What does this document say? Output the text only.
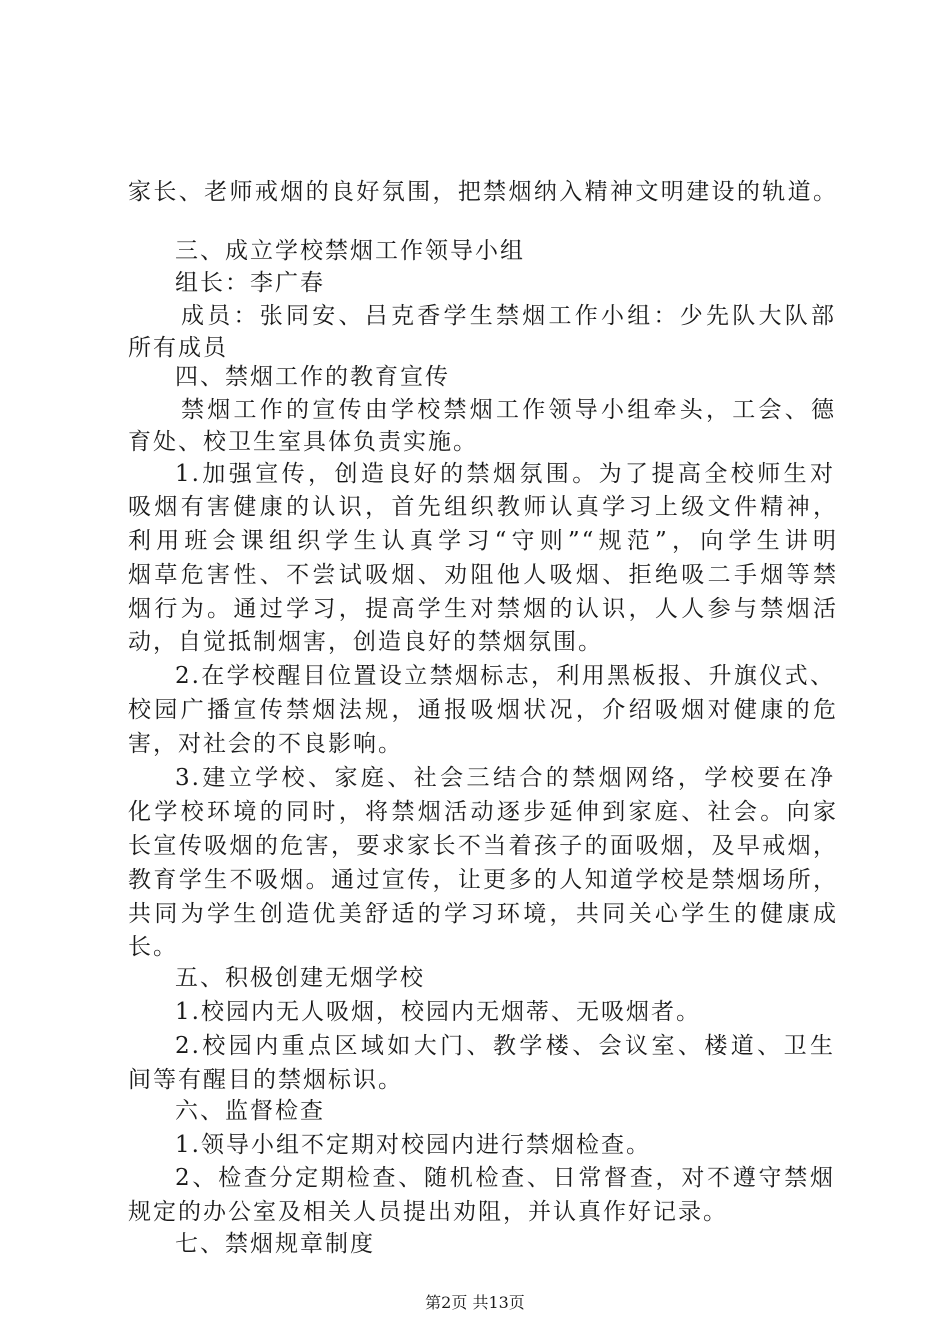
家长、老师戒烟的良好氛围，把禁烟纳入精神文明建设的轨道。
三、成立学校禁烟工作领导小组
组长：李广春
成员：张同安、吕克香学生禁烟工作小组：少先队大队部
所有成员
四、禁烟工作的教育宣传
禁烟工作的宣传由学校禁烟工作领导小组牵头，工会、德
育处、校卫生室具体负责实施。
1.加强宣传，创造良好的禁烟氛围。为了提高全校师生对
吸烟有害健康的认识，首先组织教师认真学习上级文件精神，
利用班会课组织学生认真学习“守则”“规范”，向学生讲明
烟草危害性、不尝试吸烟、劝阻他人吸烟、拒绝吸二手烟等禁
烟行为。通过学习，提高学生对禁烟的认识，人人参与禁烟活
动，自觉抵制烟害，创造良好的禁烟氛围。
2.在学校醒目位置设立禁烟标志，利用黑板报、升旗仪式、
校园广播宣传禁烟法规，通报吸烟状况，介绍吸烟对健康的危
害，对社会的不良影响。
3.建立学校、家庭、社会三结合的禁烟网络，学校要在净
化学校环境的同时，将禁烟活动逐步延伸到家庭、社会。向家
长宣传吸烟的危害，要求家长不当着孩子的面吸烟，及早戒烟，
教育学生不吸烟。通过宣传，让更多的人知道学校是禁烟场所，
共同为学生创造优美舒适的学习环境，共同关心学生的健康成
长。
五、积极创建无烟学校
1.校园内无人吸烟，校园内无烟蒂、无吸烟者。
2.校园内重点区域如大门、教学楼、会议室、楼道、卫生
间等有醒目的禁烟标识。
六、监督检查
1.领导小组不定期对校园内进行禁烟检查。
2、检查分定期检查、随机检查、日常督查，对不遵守禁烟
规定的办公室及相关人员提出劝阻，并认真作好记录。
七、禁烟规章制度
第2页 共13页
